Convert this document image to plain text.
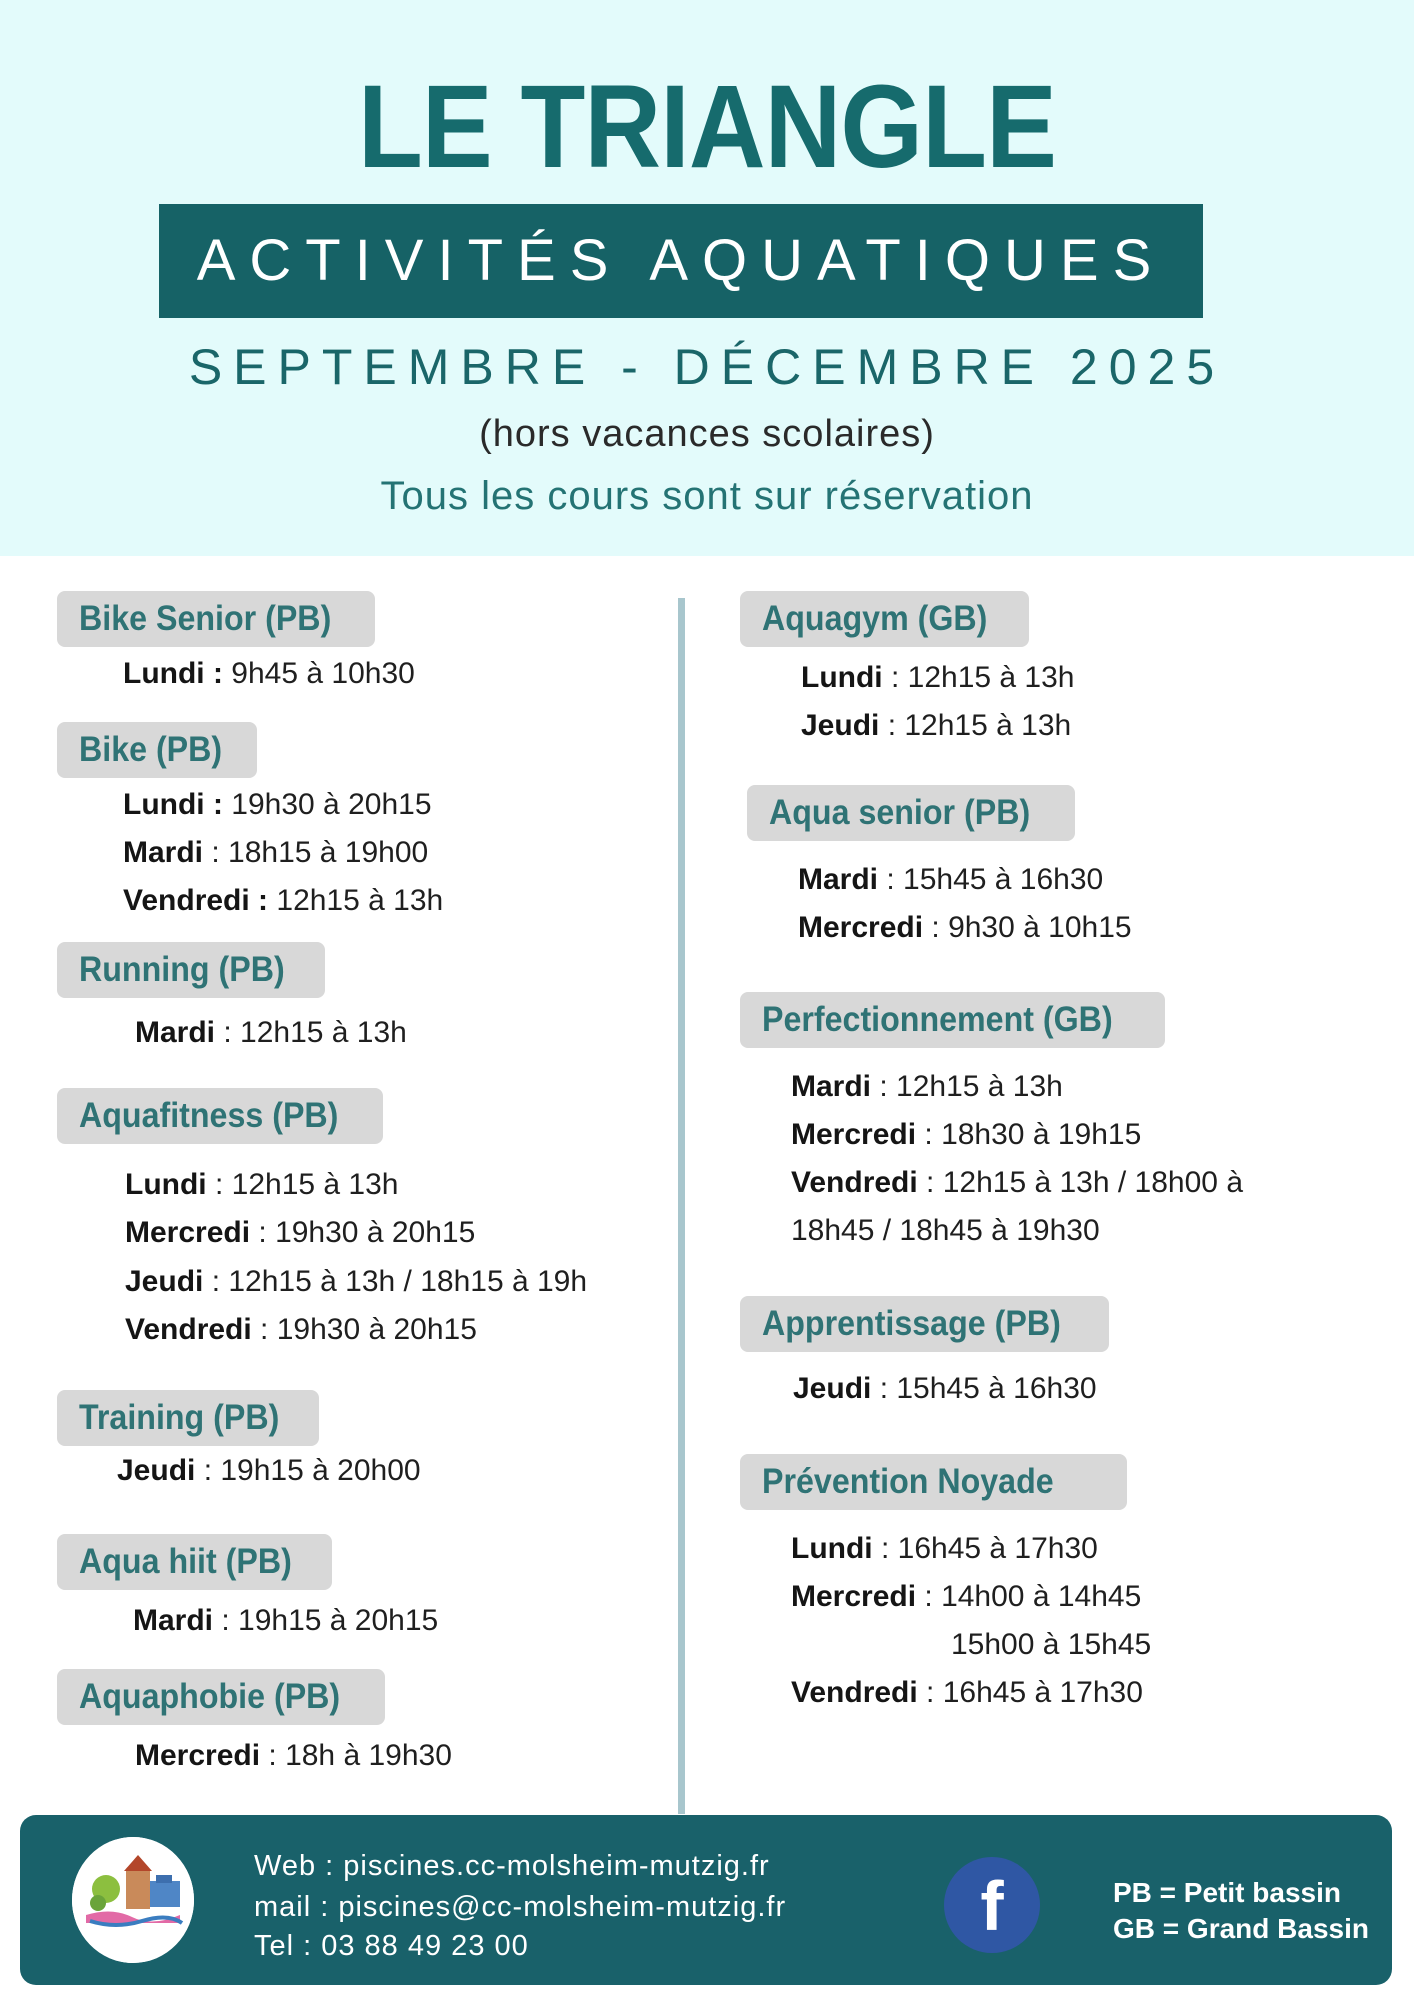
LE TRIANGLE
ACTIVITÉS AQUATIQUES
SEPTEMBRE - DÉCEMBRE 2025
(hors vacances scolaires)
Tous les cours sont sur réservation
Bike Senior (PB)
Lundi : 9h45 à 10h30
Bike (PB)
Lundi : 19h30 à 20h15
Mardi : 18h15 à 19h00
Vendredi : 12h15 à 13h
Running (PB)
Mardi : 12h15 à 13h
Aquafitness (PB)
Lundi : 12h15 à 13h
Mercredi : 19h30 à 20h15
Jeudi : 12h15 à 13h / 18h15 à 19h
Vendredi : 19h30 à 20h15
Training (PB)
Jeudi : 19h15 à 20h00
Aqua hiit (PB)
Mardi : 19h15 à 20h15
Aquaphobie (PB)
Mercredi : 18h à 19h30
Aquagym (GB)
Lundi : 12h15 à 13h
Jeudi : 12h15 à 13h
Aqua senior (PB)
Mardi : 15h45 à 16h30
Mercredi : 9h30 à 10h15
Perfectionnement (GB)
Mardi : 12h15 à 13h
Mercredi : 18h30 à 19h15
Vendredi : 12h15 à 13h / 18h00 à
18h45 / 18h45 à 19h30
Apprentissage (PB)
Jeudi : 15h45 à 16h30
Prévention Noyade
Lundi : 16h45 à 17h30
Mercredi : 14h00 à 14h45
15h00 à 15h45
Vendredi : 16h45 à 17h30
Web : piscines.cc-molsheim-mutzig.fr
mail : piscines@cc-molsheim-mutzig.fr
Tel : 03 88 49 23 00
f	PB = Petit bassin
GB = Grand Bassin
